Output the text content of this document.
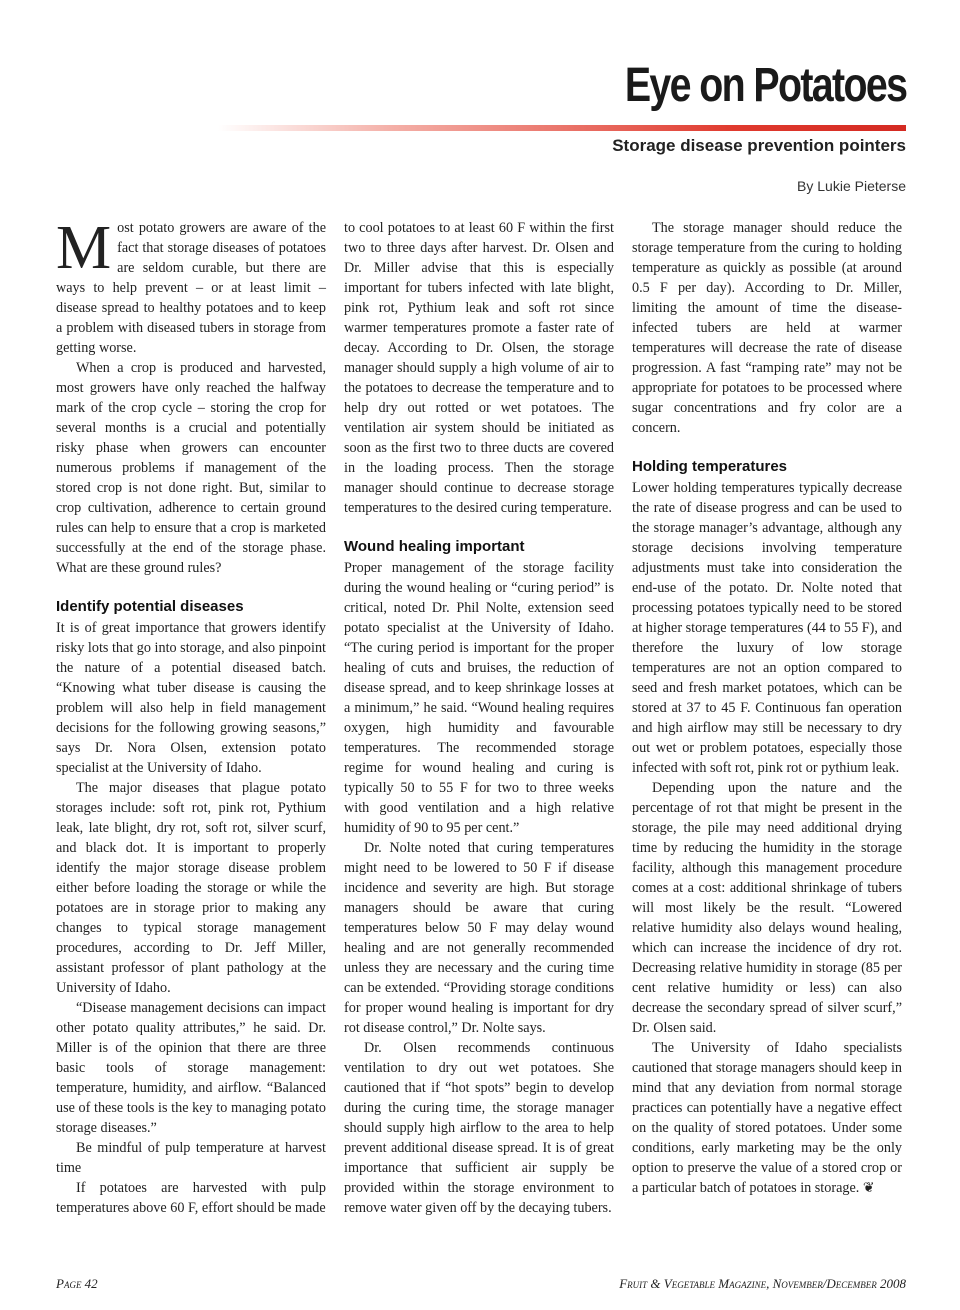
Eye on Potatoes
Storage disease prevention pointers
By Lukie Pieterse

Most potato growers are aware of the fact that storage diseases of potatoes are seldom curable, but there are ways to help prevent – or at least limit – disease spread to healthy potatoes and to keep a problem with diseased tubers in storage from getting worse.

When a crop is produced and harvested, most growers have only reached the halfway mark of the crop cycle – storing the crop for several months is a crucial and potentially risky phase when growers can encounter numerous problems if management of the stored crop is not done right. But, similar to crop cultivation, adherence to certain ground rules can help to ensure that a crop is marketed successfully at the end of the storage phase. What are these ground rules?

Identify potential diseases

It is of great importance that growers identify risky lots that go into storage, and also pinpoint the nature of a potential diseased batch. “Knowing what tuber disease is causing the problem will also help in field management decisions for the following growing seasons,” says Dr. Nora Olsen, extension potato specialist at the University of Idaho.

The major diseases that plague potato storages include: soft rot, pink rot, Pythium leak, late blight, dry rot, soft rot, silver scurf, and black dot. It is important to properly identify the major storage disease problem either before loading the storage or while the potatoes are in storage prior to making any changes to typical storage management procedures, according to Dr. Jeff Miller, assistant professor of plant pathology at the University of Idaho.

“Disease management decisions can impact other potato quality attributes,” he said. Dr. Miller is of the opinion that there are three basic tools of storage management: temperature, humidity, and airflow. “Balanced use of these tools is the key to managing potato storage diseases.”

Be mindful of pulp temperature at harvest time

If potatoes are harvested with pulp temperatures above 60 F, effort should be made

to cool potatoes to at least 60 F within the first two to three days after harvest. Dr. Olsen and Dr. Miller advise that this is especially important for tubers infected with late blight, pink rot, Pythium leak and soft rot since warmer temperatures promote a faster rate of decay. According to Dr. Olsen, the storage manager should supply a high volume of air to the potatoes to decrease the temperature and to help dry out rotted or wet potatoes. The ventilation air system should be initiated as soon as the first two to three ducts are covered in the loading process. Then the storage manager should continue to decrease storage temperatures to the desired curing temperature.

Wound healing important

Proper management of the storage facility during the wound healing or “curing period” is critical, noted Dr. Phil Nolte, extension seed potato specialist at the University of Idaho. “The curing period is important for the proper healing of cuts and bruises, the reduction of disease spread, and to keep shrinkage losses at a minimum,” he said. “Wound healing requires oxygen, high humidity and favourable temperatures. The recommended storage regime for wound healing and curing is typically 50 to 55 F for two to three weeks with good ventilation and a high relative humidity of 90 to 95 per cent.”

Dr. Nolte noted that curing temperatures might need to be lowered to 50 F if disease incidence and severity are high. But storage managers should be aware that curing temperatures below 50 F may delay wound healing and are not generally recommended unless they are necessary and the curing time can be extended. “Providing storage conditions for proper wound healing is important for dry rot disease control,” Dr. Nolte says.

Dr. Olsen recommends continuous ventilation to dry out wet potatoes. She cautioned that if “hot spots” begin to develop during the curing time, the storage manager should supply high airflow to the area to help prevent additional disease spread. It is of great importance that sufficient air supply be provided within the storage environment to remove water given off by the decaying tubers.

The storage manager should reduce the storage temperature from the curing to holding temperature as quickly as possible (at around 0.5 F per day). According to Dr. Miller, limiting the amount of time the disease-infected tubers are held at warmer temperatures will decrease the rate of disease progression. A fast “ramping rate” may not be appropriate for potatoes to be processed where sugar concentrations and fry color are a concern.

Holding temperatures

Lower holding temperatures typically decrease the rate of disease progress and can be used to the storage manager’s advantage, although any storage decisions involving temperature adjustments must take into consideration the end-use of the potato. Dr. Nolte noted that processing potatoes typically need to be stored at higher storage temperatures (44 to 55 F), and therefore the luxury of low storage temperatures are not an option compared to seed and fresh market potatoes, which can be stored at 37 to 45 F. Continuous fan operation and high airflow may still be necessary to dry out wet or problem potatoes, especially those infected with soft rot, pink rot or pythium leak.

Depending upon the nature and the percentage of rot that might be present in the storage, the pile may need additional drying time by reducing the humidity in the storage facility, although this management procedure comes at a cost: additional shrinkage of tubers will most likely be the result. “Lowered relative humidity also delays wound healing, which can increase the incidence of dry rot. Decreasing relative humidity in storage (85 per cent relative humidity or less) can also decrease the secondary spread of silver scurf,” Dr. Olsen said.

The University of Idaho specialists cautioned that storage managers should keep in mind that any deviation from normal storage practices can potentially have a negative effect on the quality of stored potatoes. Under some conditions, early marketing may be the only option to preserve the value of a stored crop or a particular batch of potatoes in storage. ❦

Page 42	Fruit & Vegetable Magazine, November/December 2008
